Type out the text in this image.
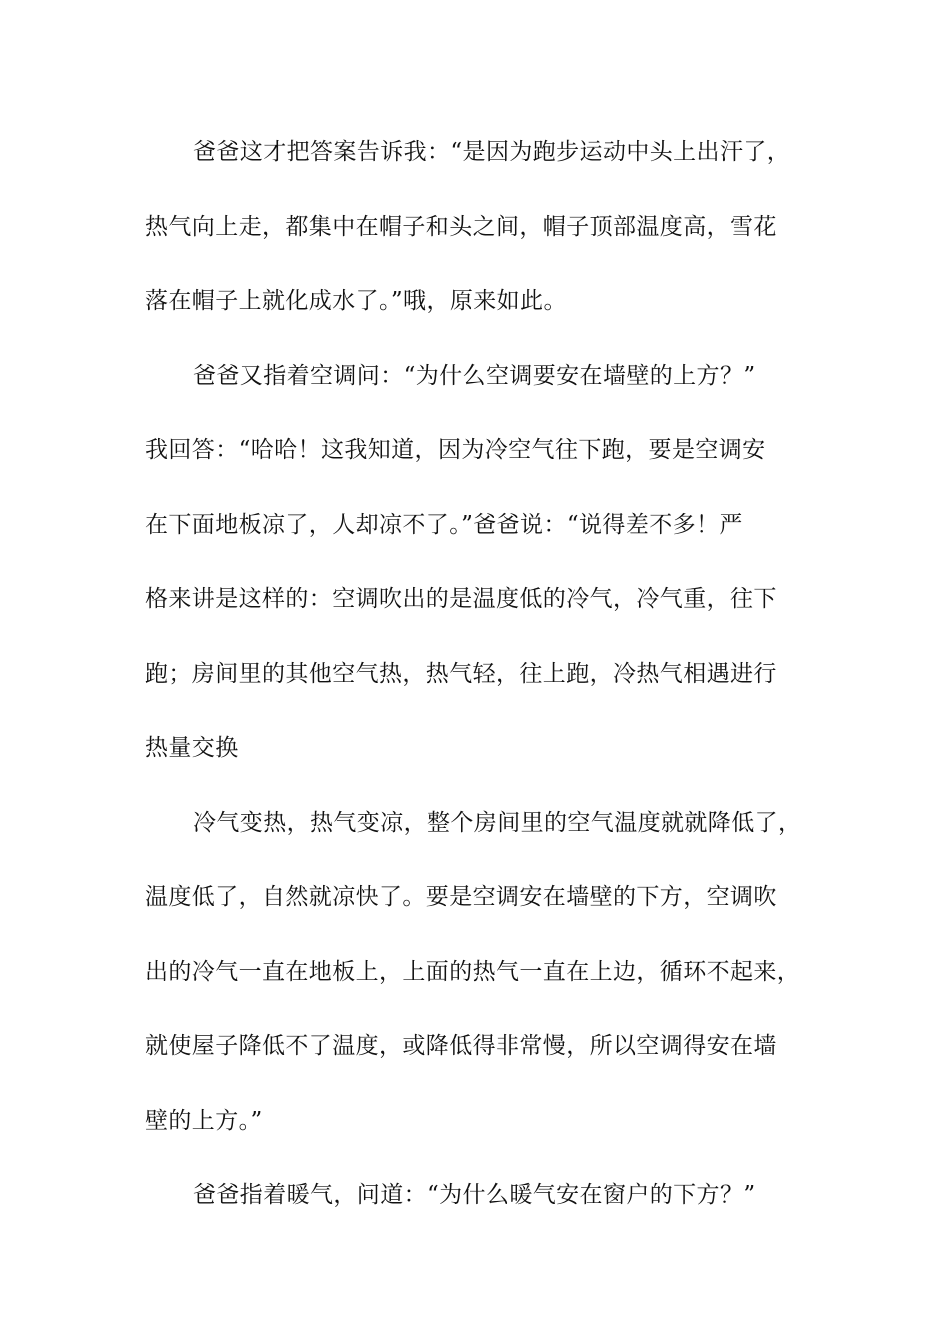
爸爸这才把答案告诉我：“是因为跑步运动中头上出汗了，
热气向上走，都集中在帽子和头之间，帽子顶部温度高，雪花
落在帽子上就化成水了。”哦，原来如此。
爸爸又指着空调问：“为什么空调要安在墙壁的上方？”
我回答：“哈哈！这我知道，因为冷空气往下跑，要是空调安
在下面地板凉了，人却凉不了。”爸爸说：“说得差不多！严
格来讲是这样的：空调吹出的是温度低的冷气，冷气重，往下
跑；房间里的其他空气热，热气轻，往上跑，冷热气相遇进行
热量交换
冷气变热，热气变凉，整个房间里的空气温度就就降低了，
温度低了，自然就凉快了。要是空调安在墙壁的下方，空调吹
出的冷气一直在地板上，上面的热气一直在上边，循环不起来，
就使屋子降低不了温度，或降低得非常慢，所以空调得安在墙
壁的上方。”
爸爸指着暖气，问道：“为什么暖气安在窗户的下方？”
